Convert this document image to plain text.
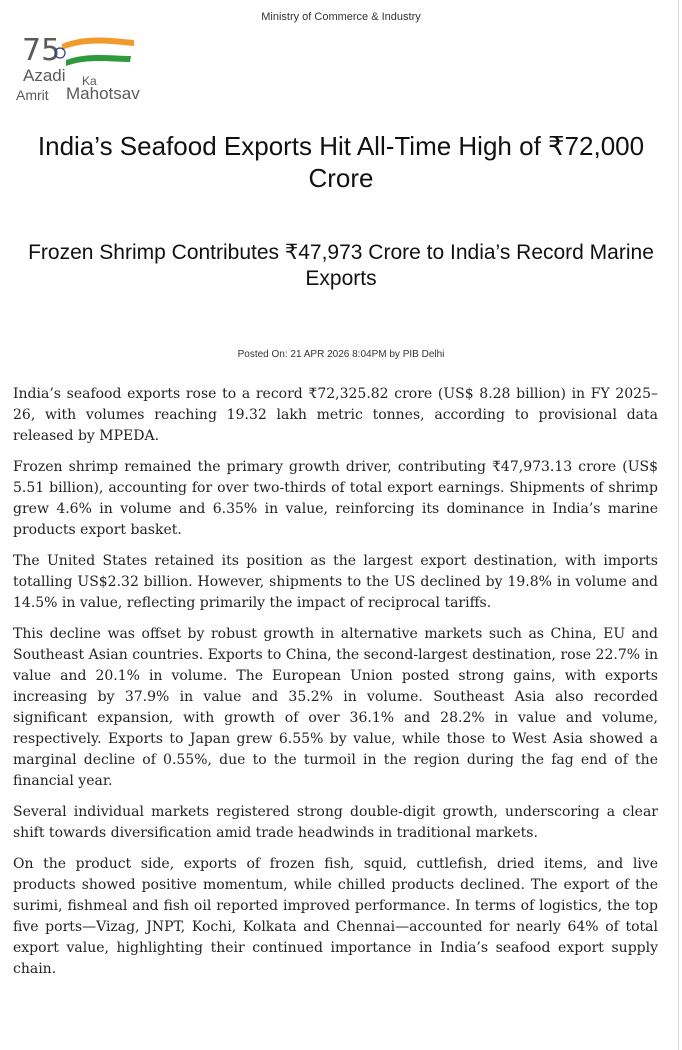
Ministry of Commerce & Industry
75
Azadi Ka
Amrit Mahotsav
India’s Seafood Exports Hit All-Time High of ₹72,000 Crore
Frozen Shrimp Contributes ₹47,973 Crore to India’s Record Marine Exports
Posted On: 21 APR 2026 8:04PM by PIB Delhi

India’s seafood exports rose to a record ₹72,325.82 crore (US$ 8.28 billion) in FY 2025–26, with volumes reaching 19.32 lakh metric tonnes, according to provisional data released by MPEDA.

Frozen shrimp remained the primary growth driver, contributing ₹47,973.13 crore (US$ 5.51 billion), accounting for over two-thirds of total export earnings. Shipments of shrimp grew 4.6% in volume and 6.35% in value, reinforcing its dominance in India’s marine products export basket.

The United States retained its position as the largest export destination, with imports totalling US$2.32 billion. However, shipments to the US declined by 19.8% in volume and 14.5% in value, reflecting primarily the impact of reciprocal tariffs.

This decline was offset by robust growth in alternative markets such as China, EU and Southeast Asian countries. Exports to China, the second-largest destination, rose 22.7% in value and 20.1% in volume. The European Union posted strong gains, with exports increasing by 37.9% in value and 35.2% in volume. Southeast Asia also recorded significant expansion, with growth of over 36.1% and 28.2% in value and volume, respectively. Exports to Japan grew 6.55% by value, while those to West Asia showed a marginal decline of 0.55%, due to the turmoil in the region during the fag end of the financial year.

Several individual markets registered strong double-digit growth, underscoring a clear shift towards diversification amid trade headwinds in traditional markets.

On the product side, exports of frozen fish, squid, cuttlefish, dried items, and live products showed positive momentum, while chilled products declined. The export of the surimi, fishmeal and fish oil reported improved performance. In terms of logistics, the top five ports—Vizag, JNPT, Kochi, Kolkata and Chennai—accounted for nearly 64% of total export value, highlighting their continued importance in India’s seafood export supply chain.
